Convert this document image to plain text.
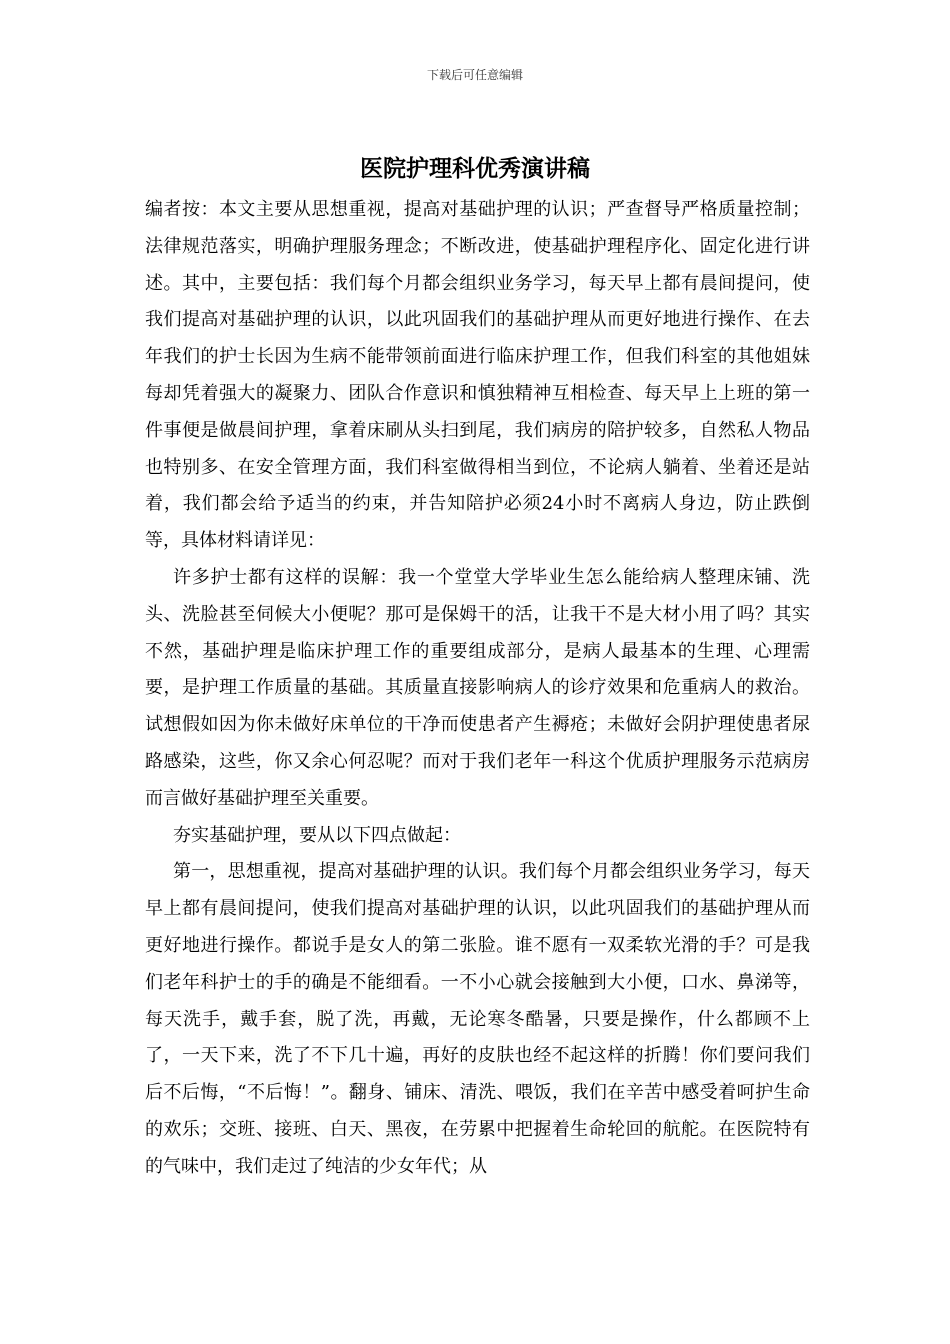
下载后可任意编辑
医院护理科优秀演讲稿

编者按：本文主要从思想重视，提高对基础护理的认识；严查督导严格质量控制；法律规范落实，明确护理服务理念；不断改进，使基础护理程序化、固定化进行讲述。其中，主要包括：我们每个月都会组织业务学习，每天早上都有晨间提问，使我们提高对基础护理的认识，以此巩固我们的基础护理从而更好地进行操作、在去年我们的护士长因为生病不能带领前面进行临床护理工作，但我们科室的其他姐妹每却凭着强大的凝聚力、团队合作意识和慎独精神互相检查、每天早上上班的第一件事便是做晨间护理，拿着床刷从头扫到尾，我们病房的陪护较多，自然私人物品也特别多、在安全管理方面，我们科室做得相当到位，不论病人躺着、坐着还是站着，我们都会给予适当的约束，并告知陪护必须24小时不离病人身边，防止跌倒等，具体材料请详见：

许多护士都有这样的误解：我一个堂堂大学毕业生怎么能给病人整理床铺、洗头、洗脸甚至伺候大小便呢？那可是保姆干的活，让我干不是大材小用了吗？其实不然，基础护理是临床护理工作的重要组成部分，是病人最基本的生理、心理需要，是护理工作质量的基础。其质量直接影响病人的诊疗效果和危重病人的救治。试想假如因为你未做好床单位的干净而使患者产生褥疮；未做好会阴护理使患者尿路感染，这些，你又余心何忍呢？而对于我们老年一科这个优质护理服务示范病房而言做好基础护理至关重要。

夯实基础护理，要从以下四点做起：

第一，思想重视，提高对基础护理的认识。我们每个月都会组织业务学习，每天早上都有晨间提问，使我们提高对基础护理的认识，以此巩固我们的基础护理从而更好地进行操作。都说手是女人的第二张脸。谁不愿有一双柔软光滑的手？可是我们老年科护士的手的确是不能细看。一不小心就会接触到大小便，口水、鼻涕等，每天洗手，戴手套，脱了洗，再戴，无论寒冬酷暑，只要是操作，什么都顾不上了，一天下来，洗了不下几十遍，再好的皮肤也经不起这样的折腾！你们要问我们后不后悔，“不后悔！”。翻身、铺床、清洗、喂饭，我们在辛苦中感受着呵护生命的欢乐；交班、接班、白天、黑夜，在劳累中把握着生命轮回的航舵。在医院特有的气味中，我们走过了纯洁的少女年代；从
